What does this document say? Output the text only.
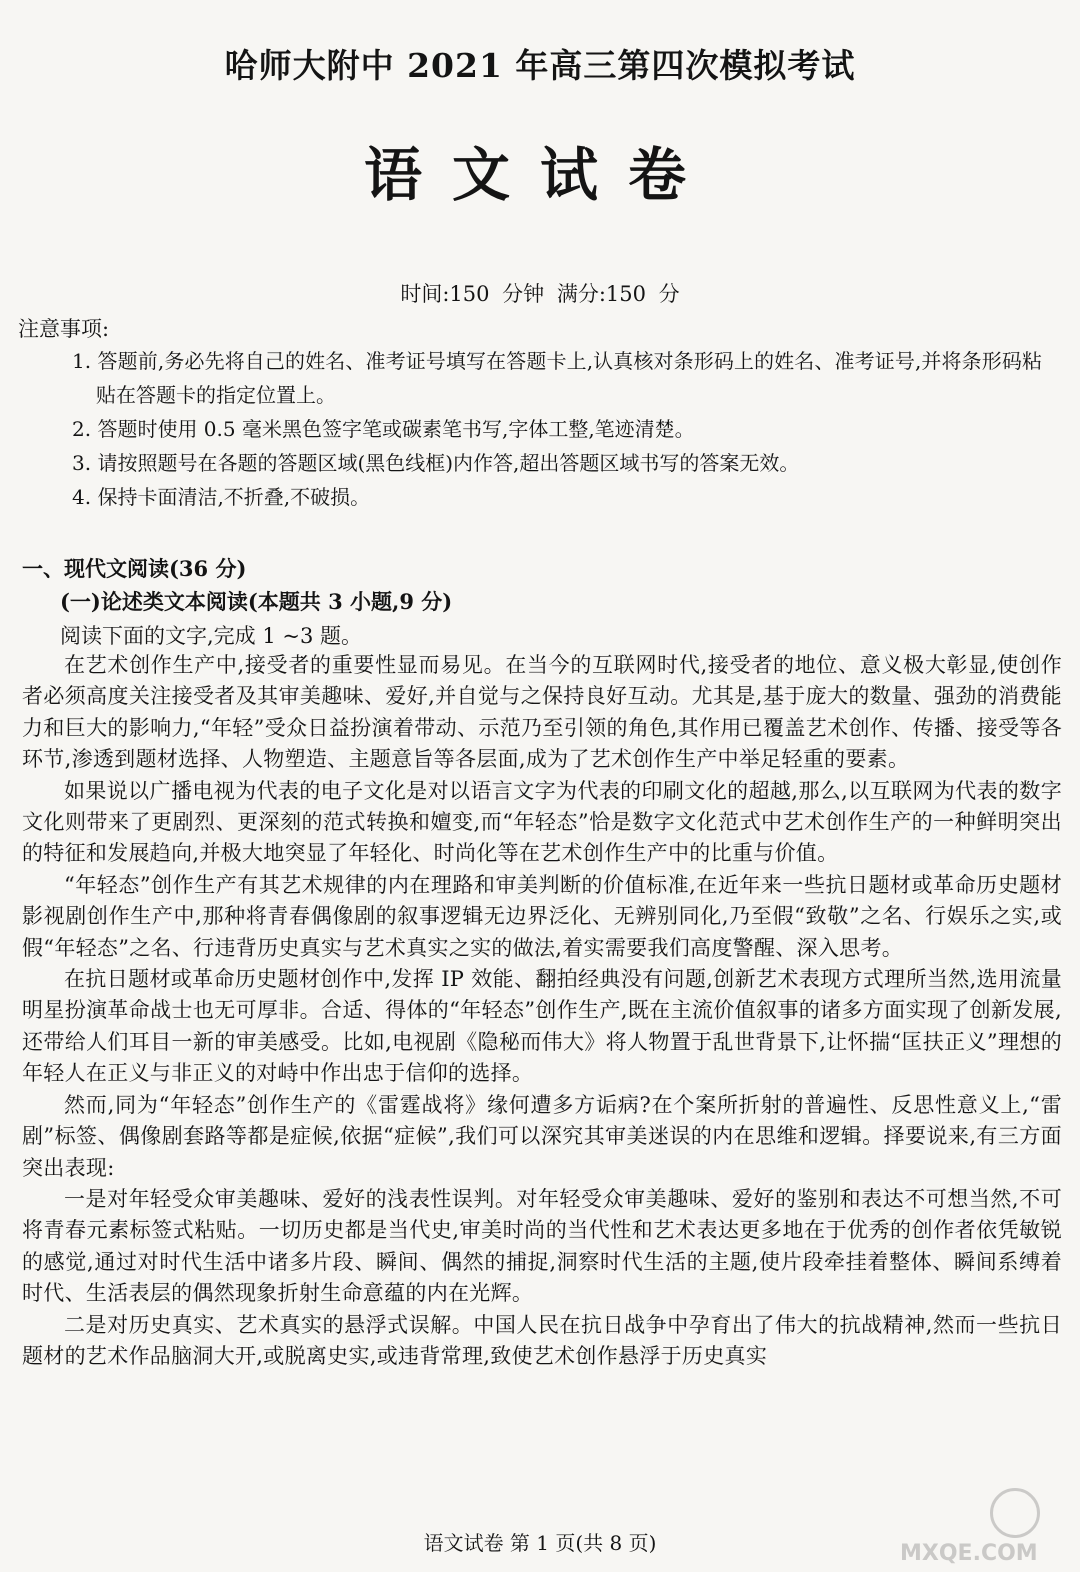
哈师大附中 2021 年高三第四次模拟考试
语文试卷
时间:150 分钟 满分:150 分
注意事项:

1. 答题前,务必先将自己的姓名、准考证号填写在答题卡上,认真核对条形码上的姓名、准考证号,并将条形码粘贴在答题卡的指定位置上。

2. 答题时使用 0.5 毫米黑色签字笔或碳素笔书写,字体工整,笔迹清楚。

3. 请按照题号在各题的答题区域(黑色线框)内作答,超出答题区域书写的答案无效。

4. 保持卡面清洁,不折叠,不破损。

一、现代文阅读(36 分)
(一)论述类文本阅读(本题共 3 小题,9 分)
阅读下面的文字,完成 1 ~3 题。

在艺术创作生产中,接受者的重要性显而易见。在当今的互联网时代,接受者的地位、意义极大彰显,使创作者必须高度关注接受者及其审美趣味、爱好,并自觉与之保持良好互动。尤其是,基于庞大的数量、强劲的消费能力和巨大的影响力,“年轻”受众日益扮演着带动、示范乃至引领的角色,其作用已覆盖艺术创作、传播、接受等各环节,渗透到题材选择、人物塑造、主题意旨等各层面,成为了艺术创作生产中举足轻重的要素。

如果说以广播电视为代表的电子文化是对以语言文字为代表的印刷文化的超越,那么,以互联网为代表的数字文化则带来了更剧烈、更深刻的范式转换和嬗变,而“年轻态”恰是数字文化范式中艺术创作生产的一种鲜明突出的特征和发展趋向,并极大地突显了年轻化、时尚化等在艺术创作生产中的比重与价值。

“年轻态”创作生产有其艺术规律的内在理路和审美判断的价值标准,在近年来一些抗日题材或革命历史题材影视剧创作生产中,那种将青春偶像剧的叙事逻辑无边界泛化、无辨别同化,乃至假“致敬”之名、行娱乐之实,或假“年轻态”之名、行违背历史真实与艺术真实之实的做法,着实需要我们高度警醒、深入思考。

在抗日题材或革命历史题材创作中,发挥 IP 效能、翻拍经典没有问题,创新艺术表现方式理所当然,选用流量明星扮演革命战士也无可厚非。合适、得体的“年轻态”创作生产,既在主流价值叙事的诸多方面实现了创新发展,还带给人们耳目一新的审美感受。比如,电视剧《隐秘而伟大》将人物置于乱世背景下,让怀揣“匡扶正义”理想的年轻人在正义与非正义的对峙中作出忠于信仰的选择。

然而,同为“年轻态”创作生产的《雷霆战将》缘何遭多方诟病?在个案所折射的普遍性、反思性意义上,“雷剧”标签、偶像剧套路等都是症候,依据“症候”,我们可以深究其审美迷误的内在思维和逻辑。择要说来,有三方面突出表现:

一是对年轻受众审美趣味、爱好的浅表性误判。对年轻受众审美趣味、爱好的鉴别和表达不可想当然,不可将青春元素标签式粘贴。一切历史都是当代史,审美时尚的当代性和艺术表达更多地在于优秀的创作者依凭敏锐的感觉,通过对时代生活中诸多片段、瞬间、偶然的捕捉,洞察时代生活的主题,使片段牵挂着整体、瞬间系缚着时代、生活表层的偶然现象折射生命意蕴的内在光辉。

二是对历史真实、艺术真实的悬浮式误解。中国人民在抗日战争中孕育出了伟大的抗战精神,然而一些抗日题材的艺术作品脑洞大开,或脱离史实,或违背常理,致使艺术创作悬浮于历史真实

语文试卷 第 1 页(共 8 页)	MXQE.COM
